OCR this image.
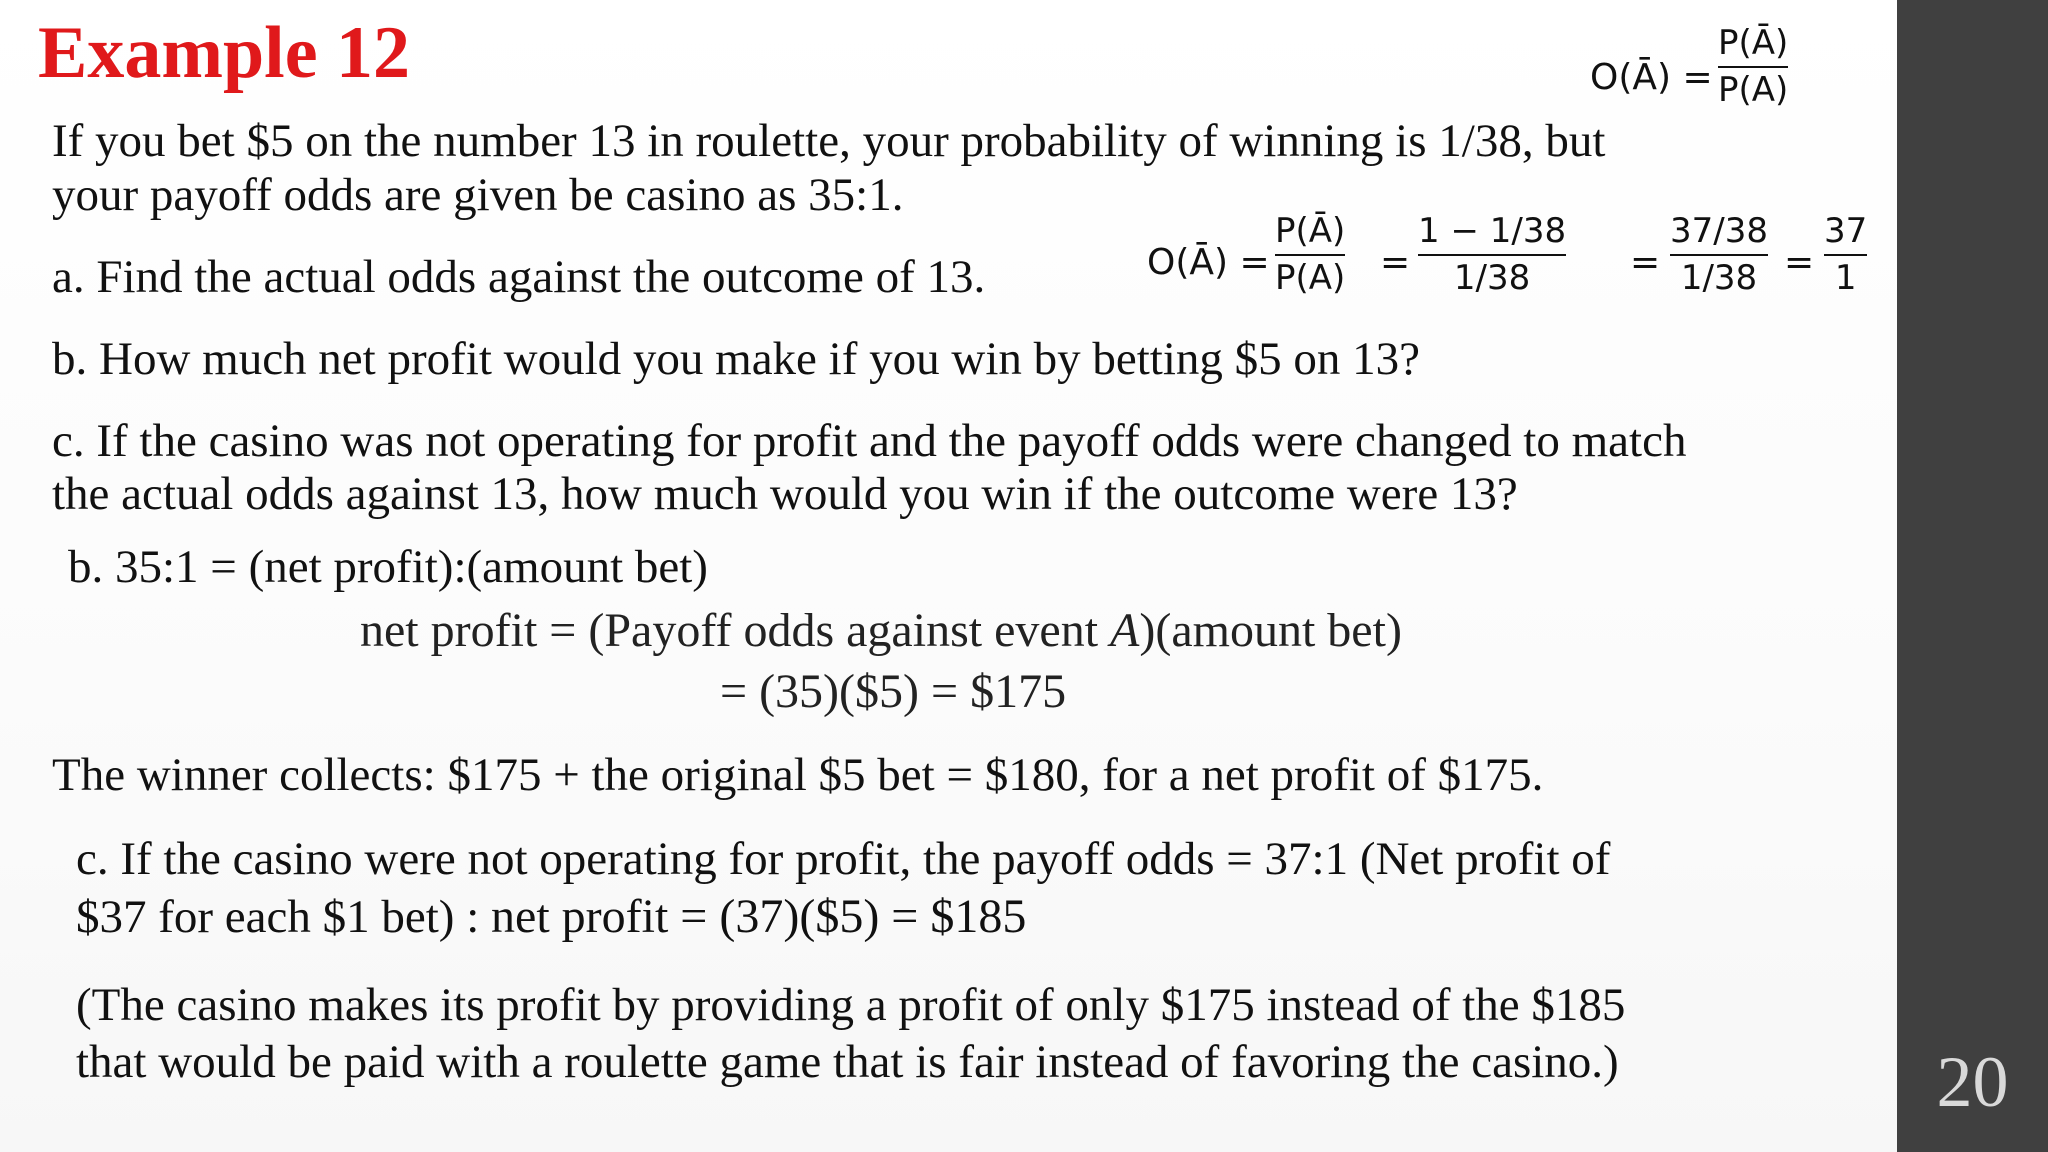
Example 12	O(Ā) =
P(Ā)
P(A)
If you bet $5 on the number 13 in roulette, your probability of winning is 1/38, but
your payoff odds are given be casino as 35:1.
a. Find the actual odds against the outcome of 13.	O(Ā) =
P(Ā)
P(A) =
1 − 1/38
1/38	=
37/38
1/38 =
37
1
b. How much net profit would you make if you win by betting $5 on 13?
c. If the casino was not operating for profit and the payoff odds were changed to match
the actual odds against 13, how much would you win if the outcome were 13?
b. 35:1 = (net profit):(amount bet)
net profit = (Payoff odds against event A)(amount bet)
= (35)($5) = $175
The winner collects: $175 + the original $5 bet = $180, for a net profit of $175.
c. If the casino were not operating for profit, the payoff odds = 37:1 (Net profit of
$37 for each $1 bet) : net profit = (37)($5) = $185
(The casino makes its profit by providing a profit of only $175 instead of the $185
that would be paid with a roulette game that is fair instead of favoring the casino.)	20
